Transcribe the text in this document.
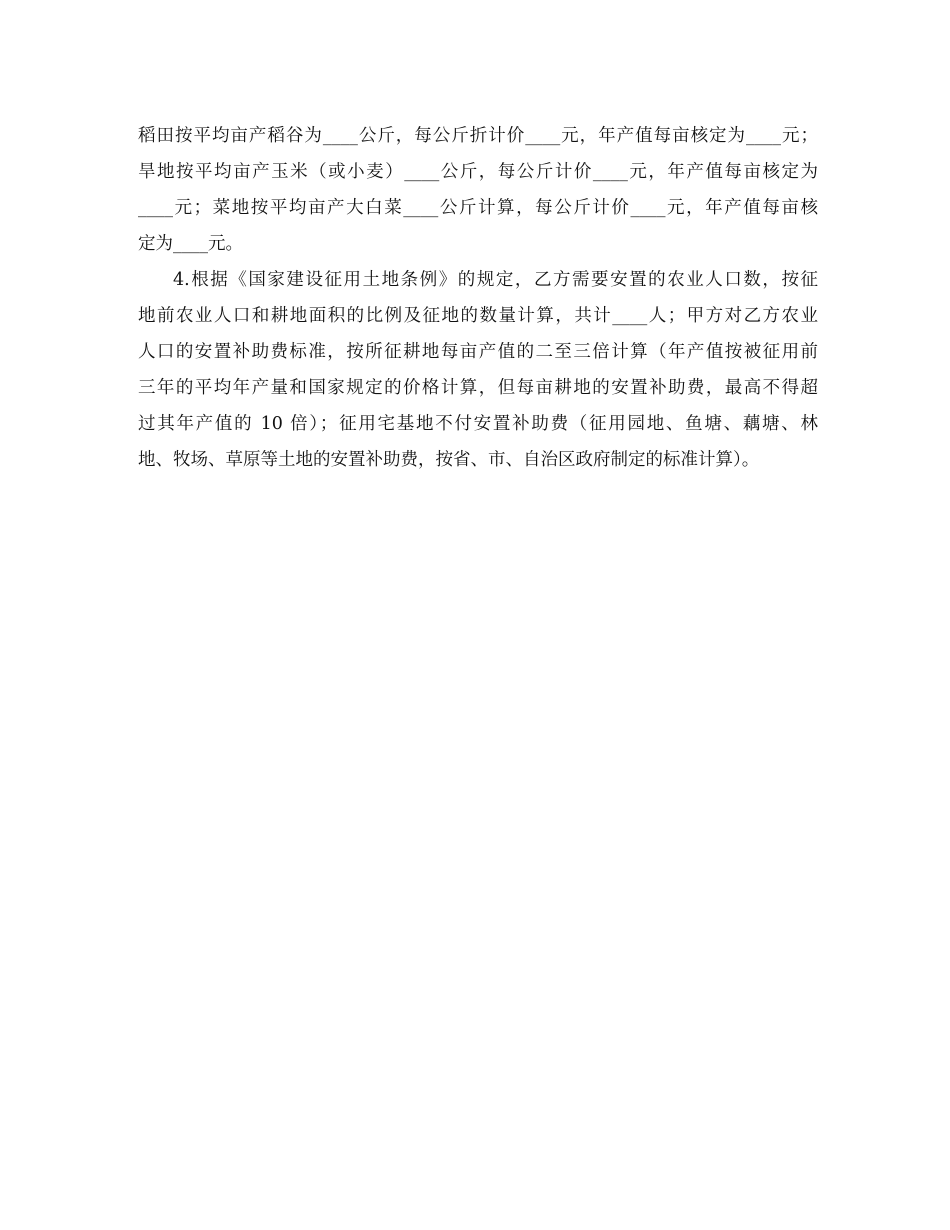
稻田按平均亩产稻谷为____公斤，每公斤折计价____元，年产值每亩核定为____元；
旱地按平均亩产玉米（或小麦）____公斤，每公斤计价____元，年产值每亩核定为
____元；菜地按平均亩产大白菜____公斤计算，每公斤计价____元，年产值每亩核
定为____元。
4.根据《国家建设征用土地条例》的规定，乙方需要安置的农业人口数，按征
地前农业人口和耕地面积的比例及征地的数量计算，共计____人；甲方对乙方农业
人口的安置补助费标准，按所征耕地每亩产值的二至三倍计算（年产值按被征用前
三年的平均年产量和国家规定的价格计算，但每亩耕地的安置补助费，最高不得超
过其年产值的 10 倍）；征用宅基地不付安置补助费（征用园地、鱼塘、藕塘、林
地、牧场、草原等土地的安置补助费，按省、市、自治区政府制定的标准计算）。
